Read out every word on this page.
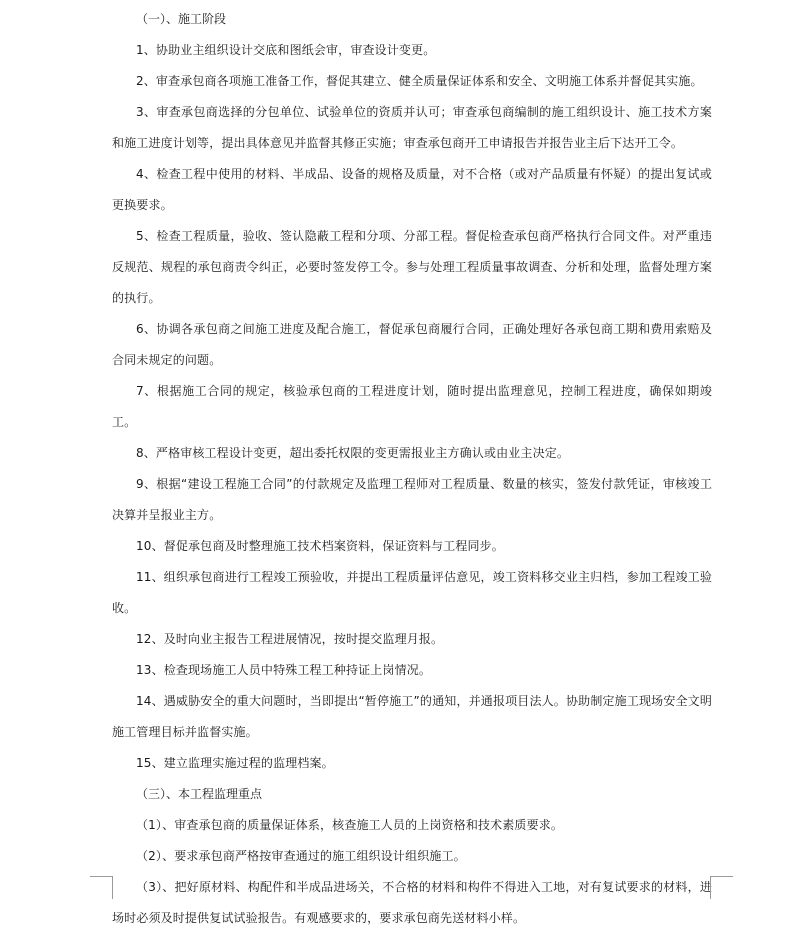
（一）、施工阶段

1、协助业主组织设计交底和图纸会审，审查设计变更。

2、审查承包商各项施工准备工作，督促其建立、健全质量保证体系和安全、文明施工体系并督促其实施。

3、审查承包商选择的分包单位、试验单位的资质并认可；审查承包商编制的施工组织设计、施工技术方案和施工进度计划等，提出具体意见并监督其修正实施；审查承包商开工申请报告并报告业主后下达开工令。

4、检查工程中使用的材料、半成品、设备的规格及质量，对不合格（或对产品质量有怀疑）的提出复试或更换要求。

5、检查工程质量，验收、签认隐蔽工程和分项、分部工程。督促检查承包商严格执行合同文件。对严重违反规范、规程的承包商责令纠正，必要时签发停工令。参与处理工程质量事故调查、分析和处理，监督处理方案的执行。

6、协调各承包商之间施工进度及配合施工，督促承包商履行合同，正确处理好各承包商工期和费用索赔及合同未规定的问题。

7、根据施工合同的规定，核验承包商的工程进度计划，随时提出监理意见，控制工程进度，确保如期竣工。

8、严格审核工程设计变更，超出委托权限的变更需报业主方确认或由业主决定。

9、根据“建设工程施工合同”的付款规定及监理工程师对工程质量、数量的核实，签发付款凭证，审核竣工决算并呈报业主方。

10、督促承包商及时整理施工技术档案资料，保证资料与工程同步。

11、组织承包商进行工程竣工预验收，并提出工程质量评估意见，竣工资料移交业主归档，参加工程竣工验收。

12、及时向业主报告工程进展情况，按时提交监理月报。

13、检查现场施工人员中特殊工程工种持证上岗情况。

14、遇威胁安全的重大问题时，当即提出“暂停施工”的通知，并通报项目法人。协助制定施工现场安全文明施工管理目标并监督实施。

15、建立监理实施过程的监理档案。

（三）、本工程监理重点

（1）、审查承包商的质量保证体系，核查施工人员的上岗资格和技术素质要求。

（2）、要求承包商严格按审查通过的施工组织设计组织施工。

（3）、把好原材料、构配件和半成品进场关，不合格的材料和构件不得进入工地，对有复试要求的材料，进场时必须及时提供复试试验报告。有观感要求的，要求承包商先送材料小样。
